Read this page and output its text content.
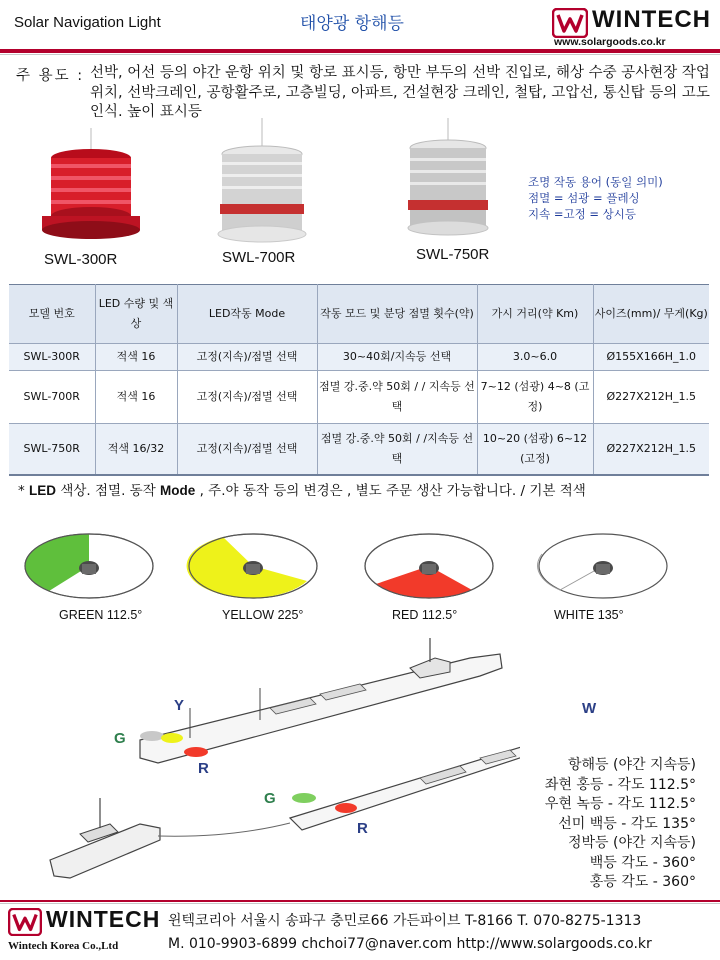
Solar Navigation Light	태양광 항해등	WINTECH
www.solargoods.co.kr
주 용도 : 선박, 어선 등의 야간 운항 위치 및 항로 표시등, 항만 부두의 선박 진입로, 해상 수중 공사현장 작업 위치, 선박크레인, 공항활주로, 고층빌딩, 아파트, 건설현장 크레인, 철탑, 고압선, 통신탑 등의 고도 인식. 높이 표시등
SWL-300R	SWL-700R	SWL-750R
조명 작동 용어 (동일 의미)
점멸 = 섬광 = 플레싱
지속 =고정 = 상시등
모델 번호	LED 수량 및 색상	LED작동 Mode	작동 모드 및 분당 점멸 횟수(약)	가시 거리(약 Km)	사이즈(mm)/ 무게(Kg)
SWL-300R	적색 16	고정(지속)/점멸 선택	30~40회/지속등 선택	3.0~6.0	Ø155X166H_1.0
SWL-700R	적색 16	고정(지속)/점멸 선택	점멸 강.중.약 50회 / / 지속등 선택	7~12 (섬광) 4~8 (고정)	Ø227X212H_1.5
SWL-750R	적색 16/32	고정(지속)/점멸 선택	점멸 강.중.약 50회 / /지속등 선택	10~20 (섬광) 6~12 (고정)	Ø227X212H_1.5
* LED 색상. 점멸. 동작 Mode , 주.야 동작 등의 변경은 , 별도 주문 생산 가능합니다. / 기본 적색
GREEN 112.5°	YELLOW 225°	RED 112.5°	WHITE 135°
Y
G
R
W
G
R
항해등 (야간 지속등)
좌현 홍등 - 각도 112.5°
우현 녹등 - 각도 112.5°
선미 백등 - 각도 135°
정박등 (야간 지속등)
백등 각도 - 360°
홍등 각도 - 360°
WINTECH
Wintech Korea Co.,Ltd
윈텍코리아 서울시 송파구 충민로66 가든파이브 T-8166 T. 070-8275-1313
M. 010-9903-6899 chchoi77@naver.com http://www.solargoods.co.kr
